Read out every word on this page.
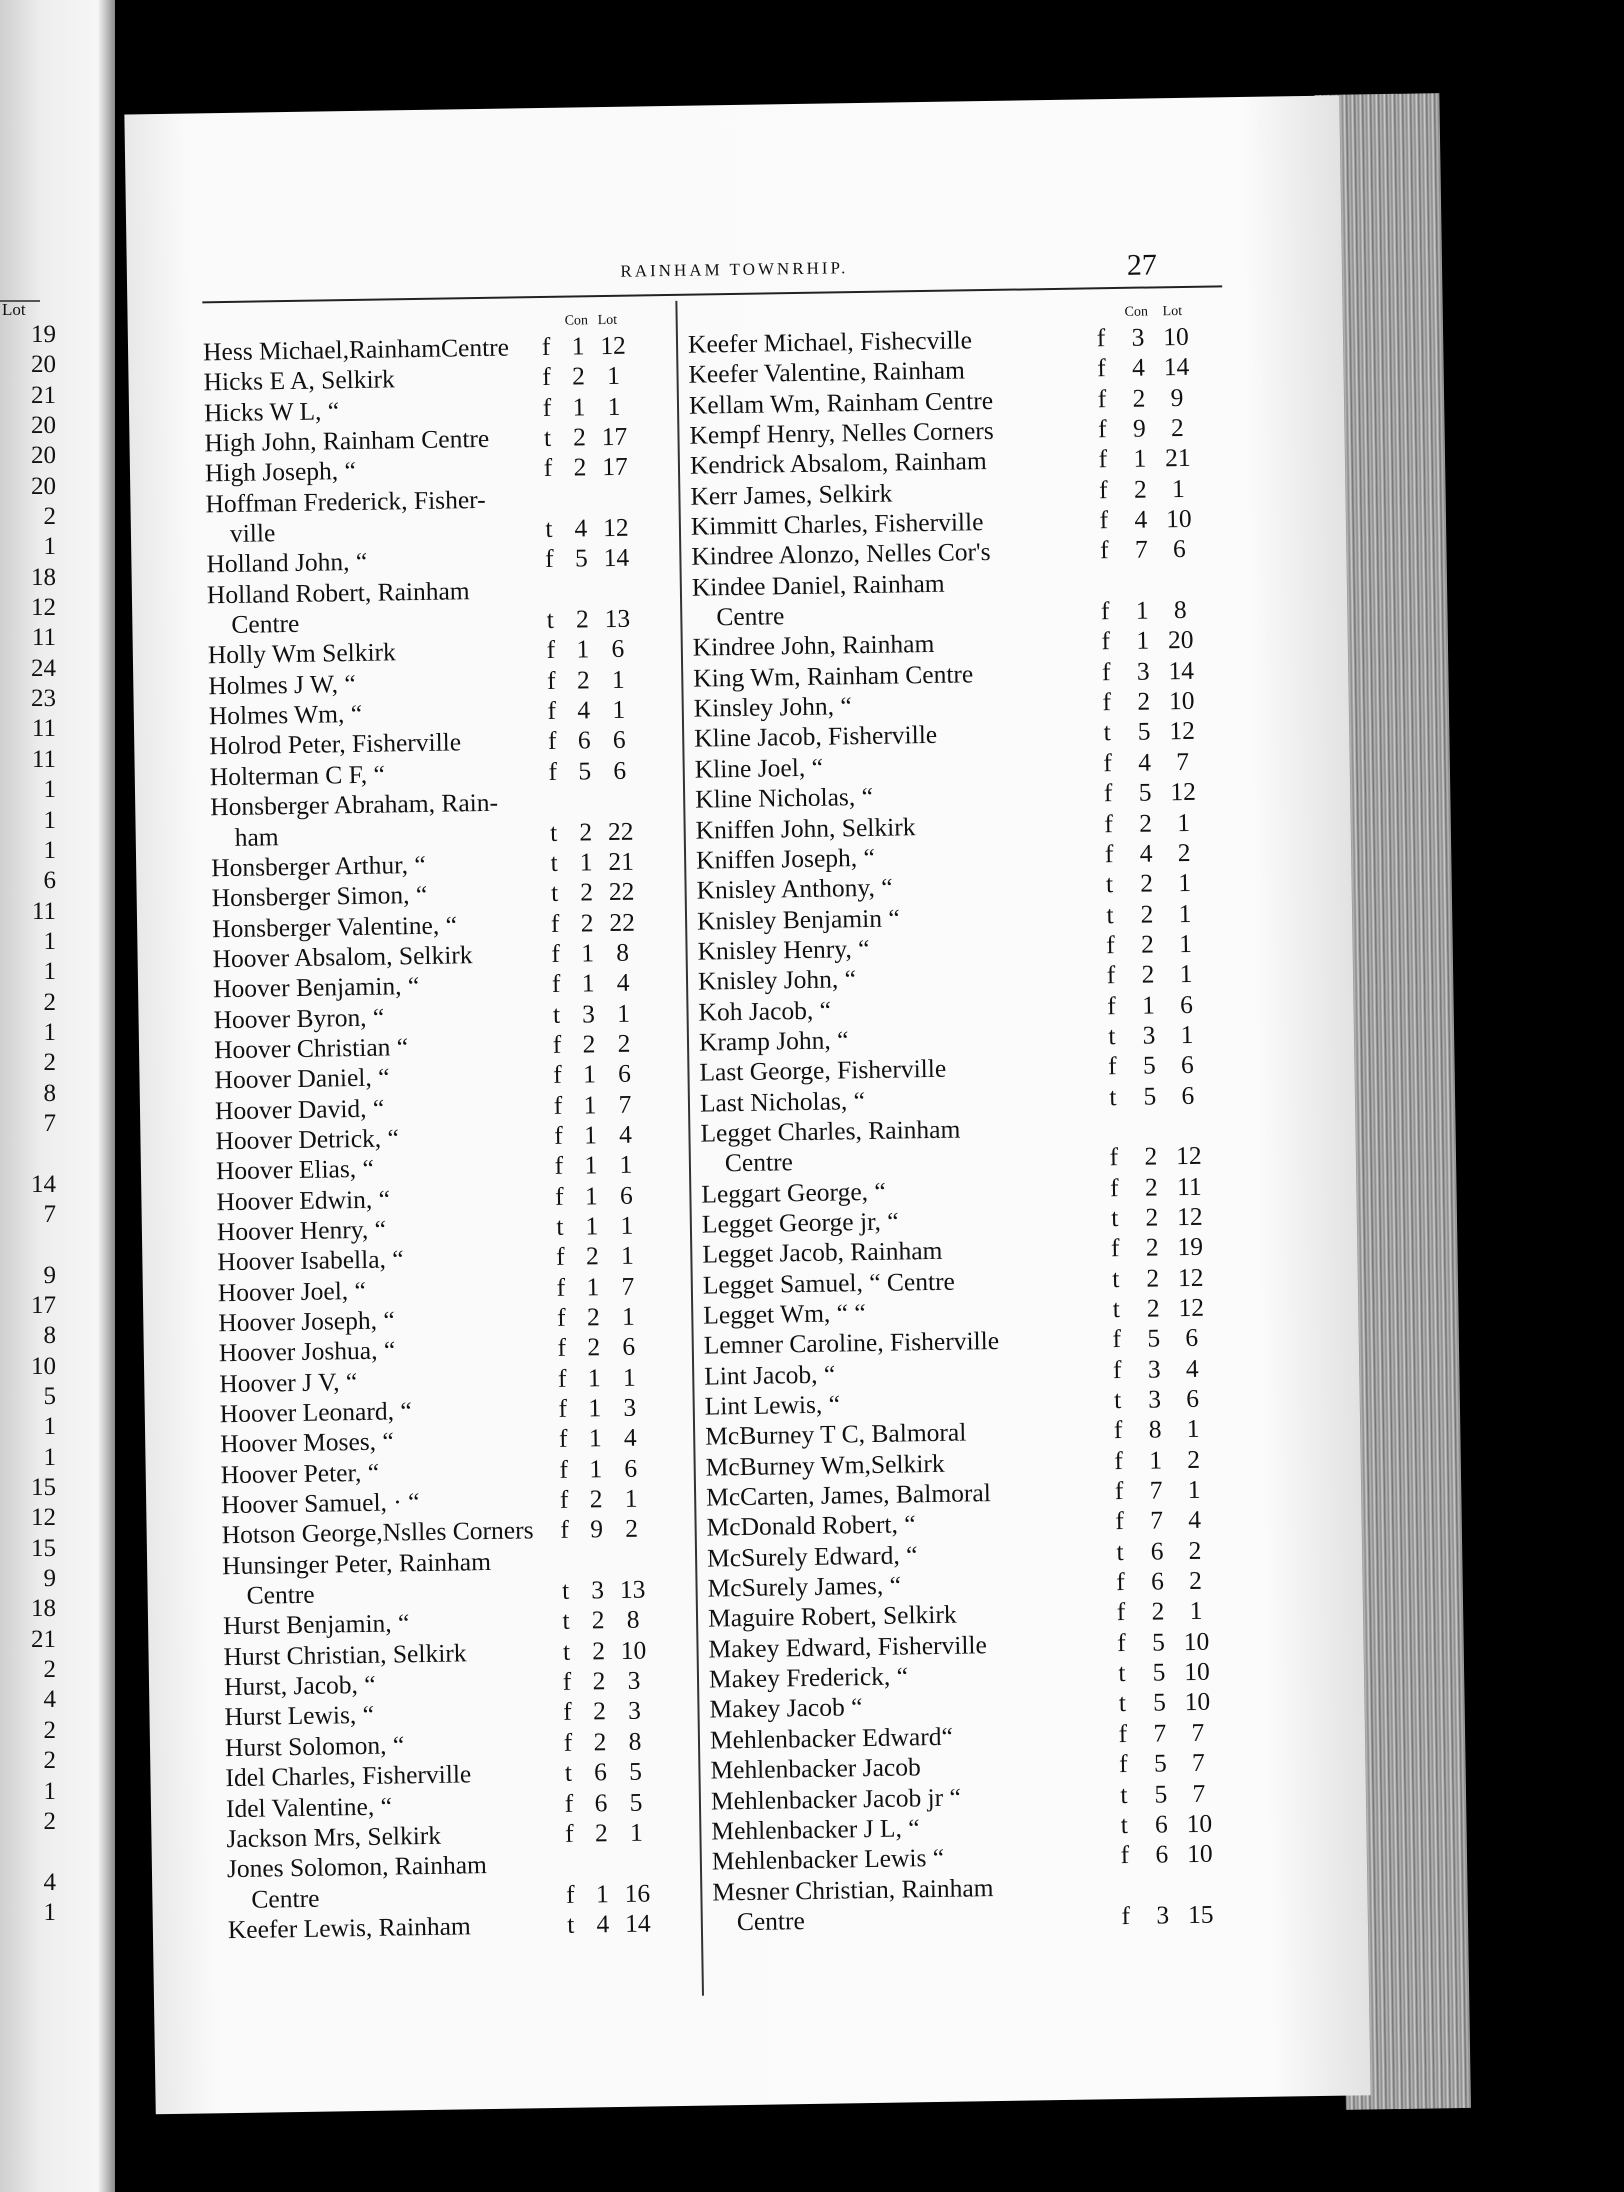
Lot
19
20
21
20
20
20
2
1
18
12
11
24
23
11
11
1
1
1
6
11
1
1
2
1
2
8
7
14
7
9
17
8
10
5
1
1
15
12
15
9
18
21
2
4
2
2
1
2
4
1
RAINHAM TOWNRHIP.	27
Con Lot
Hess Michael,RainhamCentre	f 1 12
Hicks E A, Selkirk	f 2 1
Hicks W L, “	f 1 1
High John, Rainham Centre	t 2 17
High Joseph, “	f 2 17
Hoffman Frederick, Fisher-
ville	t 4 12
Holland John, “	f 5 14
Holland Robert, Rainham
Centre	t 2 13
Holly Wm Selkirk	f 1 6
Holmes J W, “	f 2 1
Holmes Wm, “	f 4 1
Holrod Peter, Fisherville	f 6 6
Holterman C F, “	f 5 6
Honsberger Abraham, Rain-
ham	t 2 22
Honsberger Arthur, “	t 1 21
Honsberger Simon, “	t 2 22
Honsberger Valentine, “	f 2 22
Hoover Absalom, Selkirk	f 1 8
Hoover Benjamin, “	f 1 4
Hoover Byron, “	t 3 1
Hoover Christian “	f 2 2
Hoover Daniel, “	f 1 6
Hoover David, “	f 1 7
Hoover Detrick, “	f 1 4
Hoover Elias, “	f 1 1
Hoover Edwin, “	f 1 6
Hoover Henry, “	t 1 1
Hoover Isabella, “	f 2 1
Hoover Joel, “	f 1 7
Hoover Joseph, “	f 2 1
Hoover Joshua, “	f 2 6
Hoover J V, “	f 1 1
Hoover Leonard, “	f 1 3
Hoover Moses, “	f 1 4
Hoover Peter, “	f 1 6
Hoover Samuel, · “	f 2 1
Hotson George,Nslles Corners	f 9 2
Hunsinger Peter, Rainham
Centre	t 3 13
Hurst Benjamin, “	t 2 8
Hurst Christian, Selkirk	t 2 10
Hurst, Jacob, “	f 2 3
Hurst Lewis, “	f 2 3
Hurst Solomon, “	f 2 8
Idel Charles, Fisherville	t 6 5
Idel Valentine, “	f 6 5
Jackson Mrs, Selkirk	f 2 1
Jones Solomon, Rainham
Centre	f 1 16
Keefer Lewis, Rainham	t 4 14
Con Lot
Keefer Michael, Fishecville	f	3 10
Keefer Valentine, Rainham	f	4 14
Kellam Wm, Rainham Centre	f	2 9
Kempf Henry, Nelles Corners	f	9 2
Kendrick Absalom, Rainham	f	1 21
Kerr James, Selkirk	f	2 1
Kimmitt Charles, Fisherville	f	4 10
Kindree Alonzo, Nelles Cor's	f	7 6
Kindee Daniel, Rainham
Centre	f	1 8
Kindree John, Rainham	f	1 20
King Wm, Rainham Centre	f	3 14
Kinsley John, “	f	2 10
Kline Jacob, Fisherville	t	5 12
Kline Joel, “	f	4 7
Kline Nicholas, “	f	5 12
Kniffen John, Selkirk	f	2 1
Kniffen Joseph, “	f	4 2
Knisley Anthony, “	t	2 1
Knisley Benjamin “	t	2 1
Knisley Henry, “	f	2 1
Knisley John, “	f	2 1
Koh Jacob, “	f	1 6
Kramp John, “	t	3 1
Last George, Fisherville	f	5 6
Last Nicholas, “	t	5 6
Legget Charles, Rainham
Centre	f	2 12
Leggart George, “	f	2 11
Legget George jr, “	t	2 12
Legget Jacob, Rainham	f	2 19
Legget Samuel, “ Centre	t	2 12
Legget Wm, “ “	t	2 12
Lemner Caroline, Fisherville	f	5 6
Lint Jacob, “	f	3 4
Lint Lewis, “	t	3 6
McBurney T C, Balmoral	f	8 1
McBurney Wm,Selkirk	f	1 2
McCarten, James, Balmoral	f	7 1
McDonald Robert, “	f	7 4
McSurely Edward, “	t	6 2
McSurely James, “	f	6 2
Maguire Robert, Selkirk	f	2 1
Makey Edward, Fisherville	f	5 10
Makey Frederick, “	t	5 10
Makey Jacob “	t	5 10
Mehlenbacker Edward“	f	7 7
Mehlenbacker Jacob	f	5 7
Mehlenbacker Jacob jr “	t	5 7
Mehlenbacker J L, “	t	6 10
Mehlenbacker Lewis “	f	6 10
Mesner Christian, Rainham
Centre	f	3 15
